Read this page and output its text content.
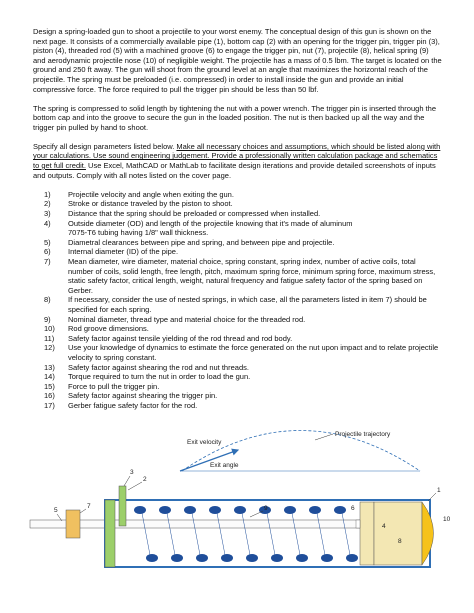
Design a spring-loaded gun to shoot a projectile to your worst enemy. The conceptual design of this gun is shown on the next page. It consists of a commercially available pipe (1), bottom cap (2) with an opening for the trigger pin, trigger pin (3), piston (4), threaded rod (5) with a machined groove (6) to engage the trigger pin, nut (7), projectile (8), helical spring (9) and aerodynamic projectile nose (10) of negligible weight. The projectile has a mass of 0.5 lbm. The target is located on the ground and 250 ft away. The gun will shoot from the ground level at an angle that maximizes the horizontal reach of the projectile. The spring must be preloaded (i.e. compressed) in order to install inside the gun and provide an initial compressive force. The force required to pull the trigger pin should be less than 50 lbf.

The spring is compressed to solid length by tightening the nut with a power wrench. The trigger pin is inserted through the bottom cap and into the groove to secure the gun in the loaded position. The nut is then backed up all the way and the trigger pin pulled by hand to shoot.

Specify all design parameters listed below. Make all necessary choices and assumptions, which should be listed along with your calculations. Use sound engineering judgement. Provide a professionally written calculation package and schematics to get full credit. Use Excel, MathCAD or MathLab to facilitate design iterations and provide detailed screenshots of inputs and outputs. Comply with all notes listed on the cover page.

1) Projectile velocity and angle when exiting the gun.
2) Stroke or distance traveled by the piston to shoot.
3) Distance that the spring should be preloaded or compressed when installed.
4) Outside diameter (OD) and length of the projectile knowing that it's made of aluminum
7075-T6 tubing having 1/8" wall thickness.
5) Diametral clearances between pipe and spring, and between pipe and projectile.
6) Internal diameter (ID) of the pipe.
7) Mean diameter, wire diameter, material choice, spring constant, spring index, number of active coils, total number of coils, solid length, free length, pitch, maximum spring force, minimum spring force, maximum stress, static safety factor, critical length, weight, natural frequency and fatigue safety factor of the spring based on Gerber.
8) If necessary, consider the use of nested springs, in which case, all the parameters listed in item 7) should be specified for each spring.
9) Nominal diameter, thread type and material choice for the threaded rod.
10) Rod groove dimensions.
11) Safety factor against tensile yielding of the rod thread and rod body.
12) Use your knowledge of dynamics to estimate the force generated on the nut upon impact and to relate projectile velocity to spring constant.
13) Safety factor against shearing the rod and nut threads.
14) Torque required to turn the nut in order to load the gun.
15) Force to pull the trigger pin.
16) Safety factor against shearing the trigger pin.
17) Gerber fatigue safety factor for the rod.
Projectile trajectory
Exit velocity
Exit angle
1
2
3
4
5	6
7
8
9
10
